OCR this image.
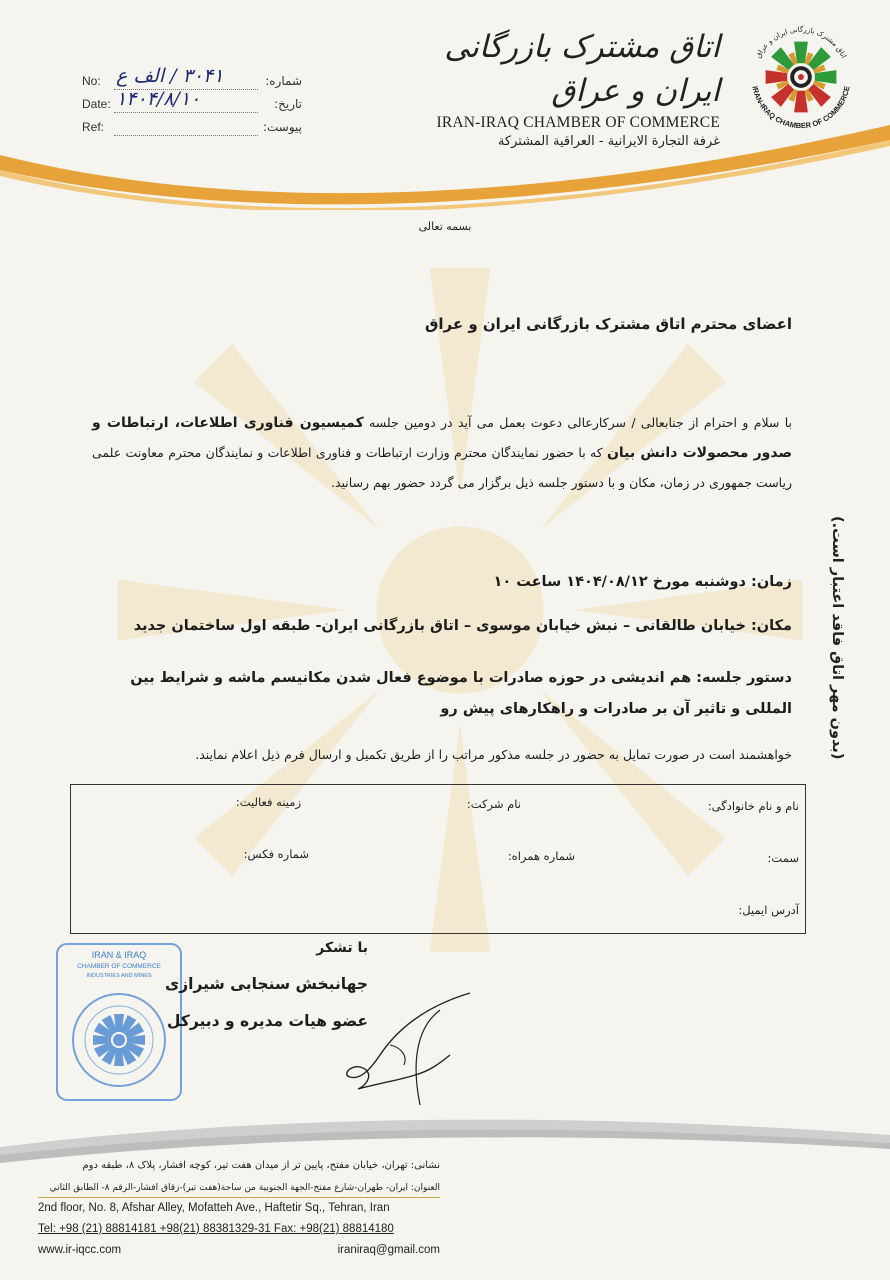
No: ۳۰۴۱ / الف ع	شماره:
Date: ۱۴۰۴/۸/۱۰	تاریخ:
Ref:	پیوست:
اتاق مشترک بازرگانی ایران و عراق
IRAN-IRAQ CHAMBER OF COMMERCE
غرفة التجارة الايرانية - العراقية المشتركة
اتاق مشترک بازرگانی ایران و عراق
IRAN-IRAQ CHAMBER OF COMMERCE
بسمه تعالی
اعضای محترم اتاق مشترک بازرگانی ایران و عراق
با سلام و احترام از جنابعالی / سرکارعالی دعوت بعمل می آید در دومین جلسه کمیسیون فناوری اطلاعات، ارتباطات و صدور محصولات دانش بیان که با حضور نمایندگان محترم وزارت ارتباطات و فناوری اطلاعات و نمایندگان محترم معاونت علمی ریاست جمهوری در زمان، مکان و با دستور جلسه ذیل برگزار می گردد حضور بهم رسانید.
زمان: دوشنبه مورخ ۱۴۰۴/۰۸/۱۲ ساعت ۱۰
مکان: خیابان طالقانی – نبش خیابان موسوی – اتاق بازرگانی ایران- طبقه اول ساختمان جدید
دستور جلسه: هم اندیشی در حوزه صادرات با موضوع فعال شدن مکانیسم ماشه و شرایط بین المللی و تاثیر آن بر صادرات و راهکارهای پیش رو
خواهشمند است در صورت تمایل به حضور در جلسه مذکور مراتب را از طریق تکمیل و ارسال فرم ذیل اعلام نمایند.	(بدون مهر اتاق فاقد اعتبار است.)
نام و نام خانوادگی:
نام شرکت:
زمینه فعالیت:
سمت:
شماره همراه:
شماره فکس:
آدرس ایمیل:
IRAN & IRAQ
CHAMBER OF COMMERCE
INDUSTRIES AND MINES
با تشکر
جهانبخش سنجابی شیرازی
عضو هیات مدیره و دبیرکل
نشانی: تهران، خیابان مفتح، پایین تر از میدان هفت تیر، کوچه افشار، پلاک ۸، طبقه دوم
العنوان: ایران- طهران-شارع مفتح-الجهة الجنوبیة من ساحة(هفت تیر)-زقاق افشار-الرقم ۸- الطابق الثاني
2nd floor, No. 8, Afshar Alley, Mofatteh Ave., Haftetir Sq., Tehran, Iran
Tel: +98 (21) 88814181 +98(21) 88381329-31 Fax: +98(21) 88814180
www.ir-iqcc.com	iraniraq@gmail.com
